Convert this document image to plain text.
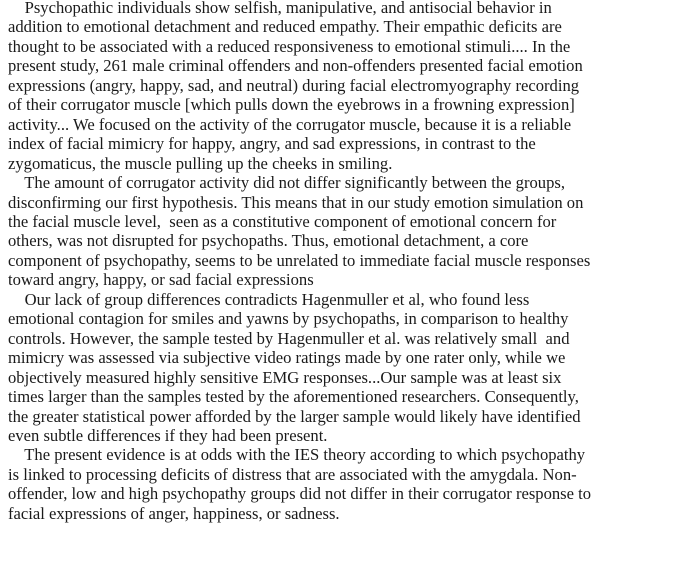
Psychopathic individuals show selfish, manipulative, and antisocial behavior in
addition to emotional detachment and reduced empathy. Their empathic deficits are
thought to be associated with a reduced responsiveness to emotional stimuli.... In the
present study, 261 male criminal offenders and non-offenders presented facial emotion
expressions (angry, happy, sad, and neutral) during facial electromyography recording
of their corrugator muscle [which pulls down the eyebrows in a frowning expression]
activity... We focused on the activity of the corrugator muscle, because it is a reliable
index of facial mimicry for happy, angry, and sad expressions, in contrast to the
zygomaticus, the muscle pulling up the cheeks in smiling.
The amount of corrugator activity did not differ significantly between the groups,
disconfirming our first hypothesis. This means that in our study emotion simulation on
the facial muscle level,  seen as a constitutive component of emotional concern for
others, was not disrupted for psychopaths. Thus, emotional detachment, a core
component of psychopathy, seems to be unrelated to immediate facial muscle responses
toward angry, happy, or sad facial expressions
Our lack of group differences contradicts Hagenmuller et al, who found less
emotional contagion for smiles and yawns by psychopaths, in comparison to healthy
controls. However, the sample tested by Hagenmuller et al. was relatively small  and
mimicry was assessed via subjective video ratings made by one rater only, while we
objectively measured highly sensitive EMG responses...Our sample was at least six
times larger than the samples tested by the aforementioned researchers. Consequently,
the greater statistical power afforded by the larger sample would likely have identified
even subtle differences if they had been present.
The present evidence is at odds with the IES theory according to which psychopathy
is linked to processing deficits of distress that are associated with the amygdala. Non-
offender, low and high psychopathy groups did not differ in their corrugator response to
facial expressions of anger, happiness, or sadness.
